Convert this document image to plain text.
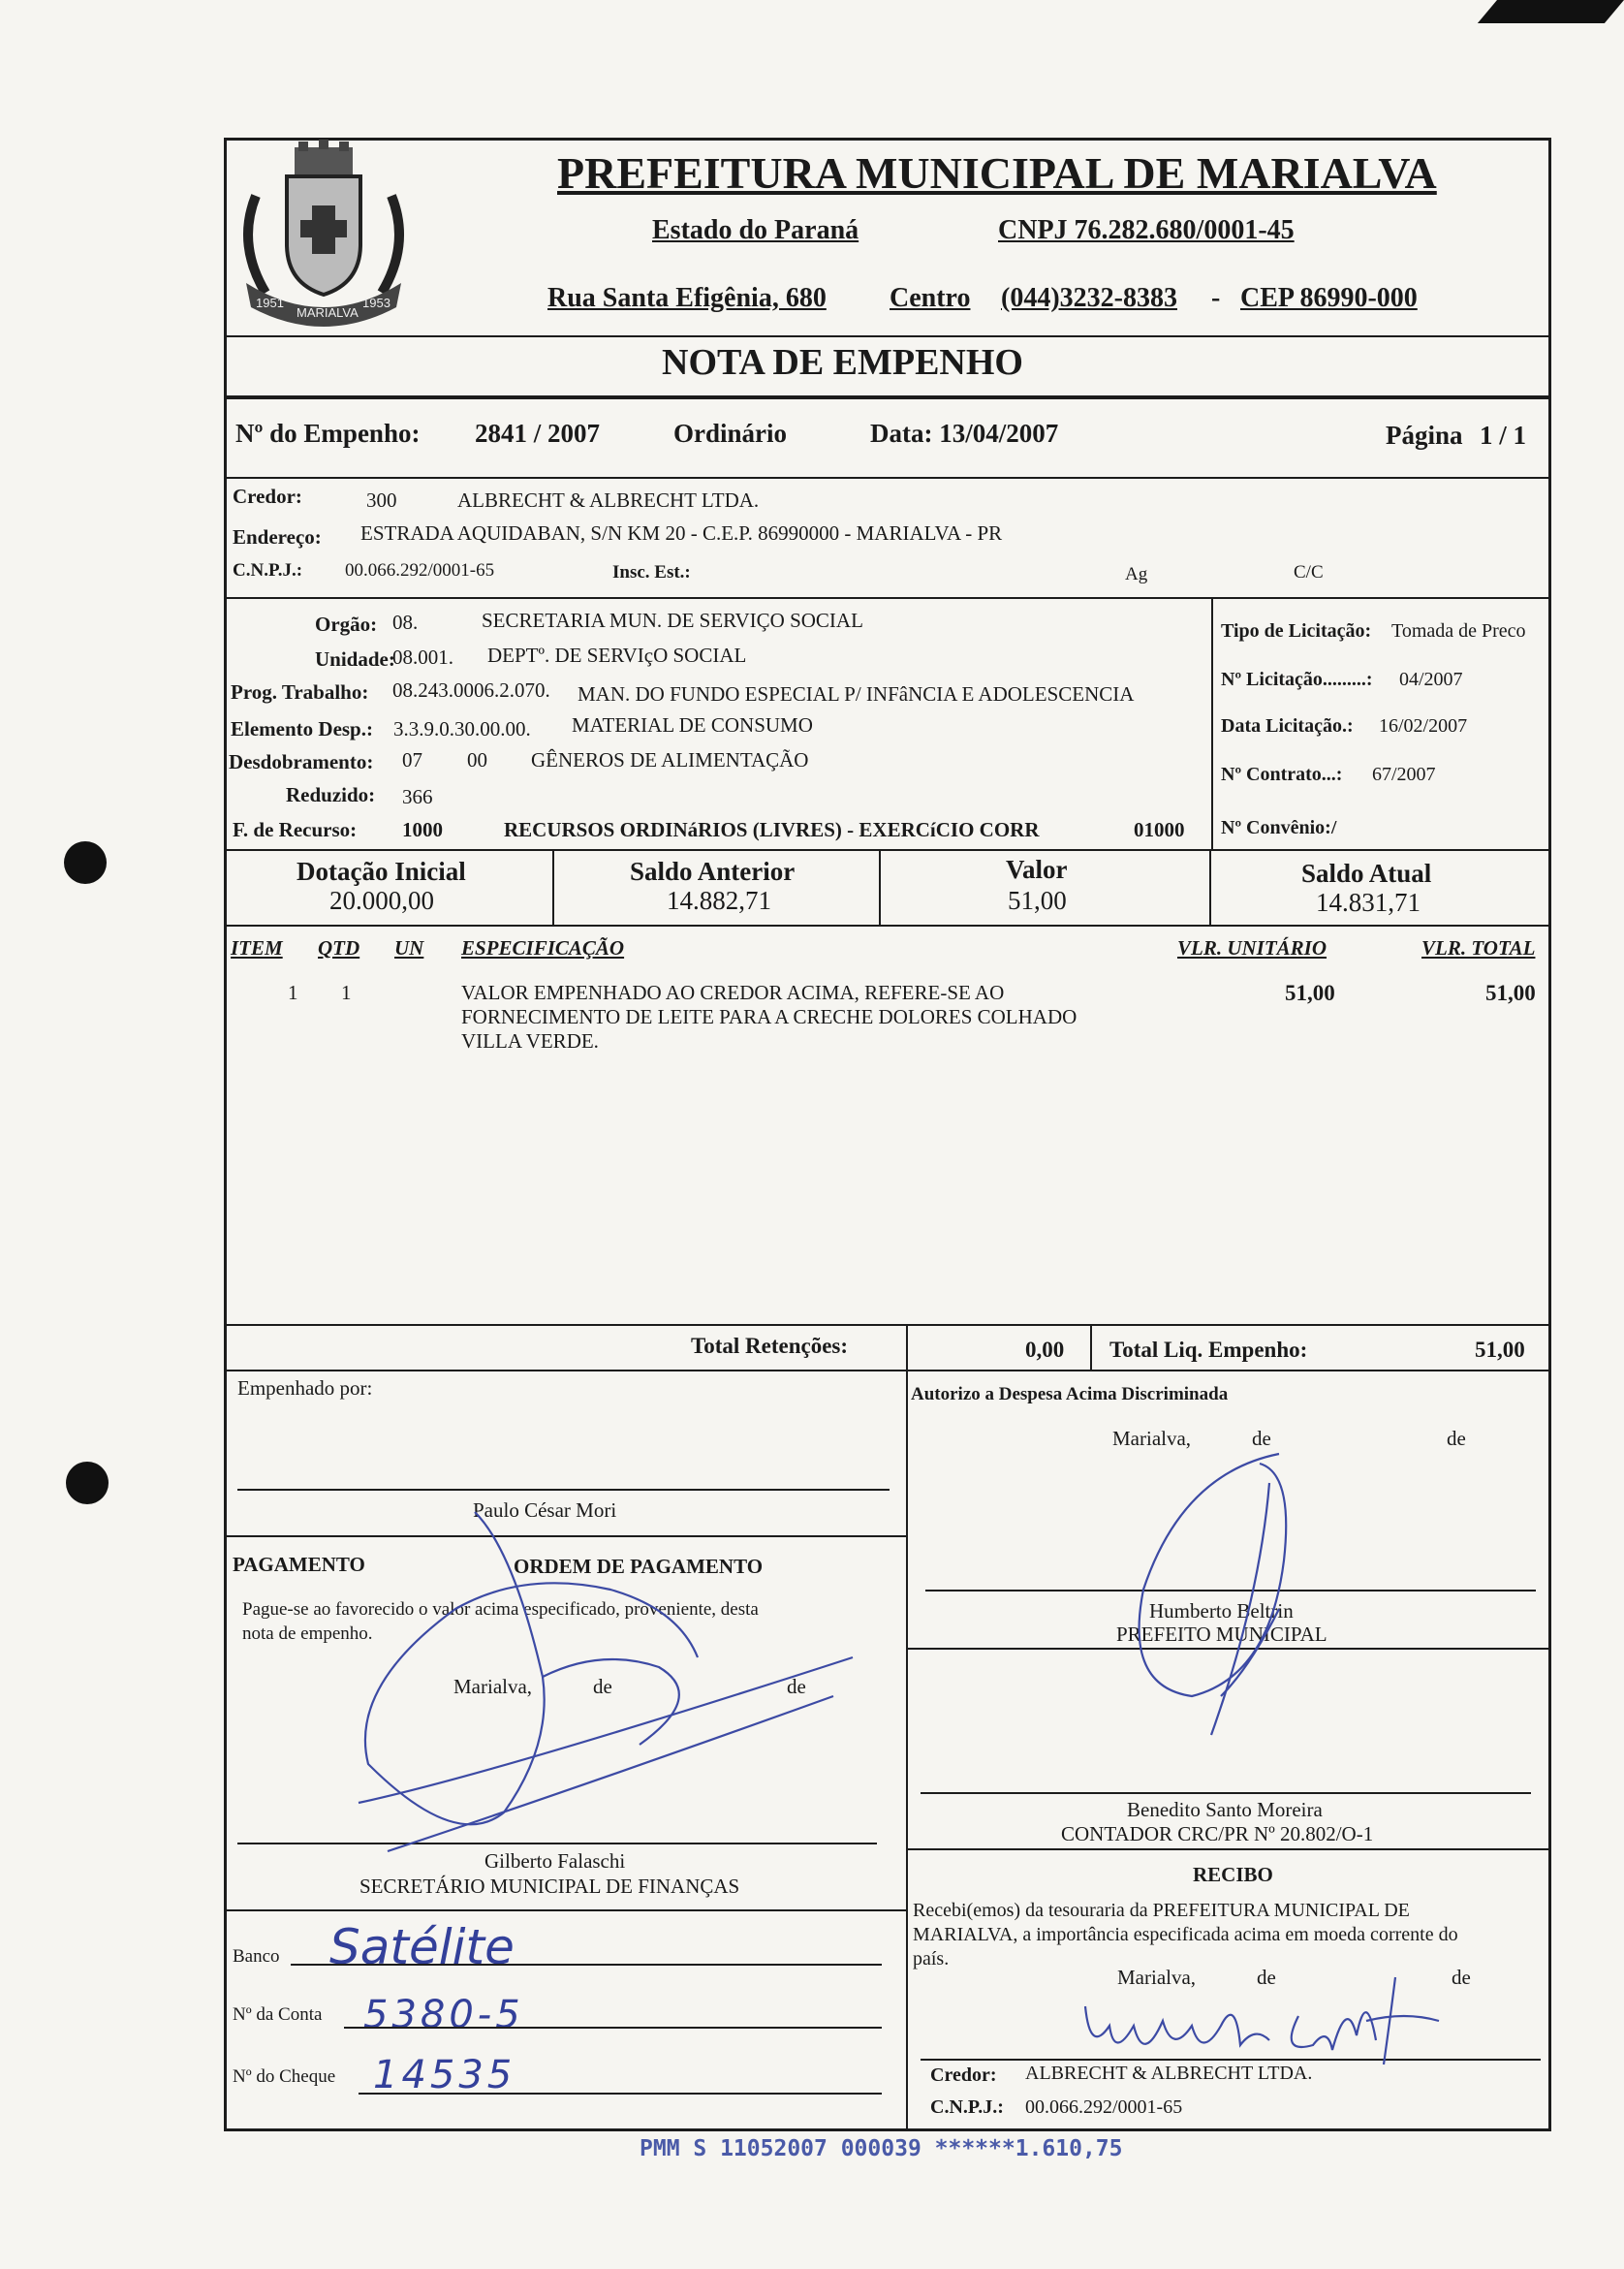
1951
MARIALVA
1953
PREFEITURA MUNICIPAL DE MARIALVA
Estado do Paraná	CNPJ 76.282.680/0001-45
Rua Santa Efigênia, 680 Centro (044)3232-8383 - CEP 86990-000
NOTA DE EMPENHO
Nº do Empenho: 2841 / 2007	Ordinário	Data: 13/04/2007	Página 1 / 1
Credor:	300	ALBRECHT & ALBRECHT LTDA.
Endereço: ESTRADA AQUIDABAN, S/N KM 20 - C.E.P. 86990000 - MARIALVA - PR
C.N.P.J.: 00.066.292/0001-65	Insc. Est.:	Ag	C/C
Orgão: 08.	SECRETARIA MUN. DE SERVIÇO SOCIAL
Unidade:
08.001. DEPTº. DE SERVIçO SOCIAL
Prog. Trabalho: 08.243.0006.2.070. MAN. DO FUNDO ESPECIAL P/ INFâNCIA E ADOLESCENCIA
Elemento Desp.: 3.3.9.0.30.00.00. MATERIAL DE CONSUMO
Desdobramento: 07 00 GÊNEROS DE ALIMENTAÇÃO
Reduzido: 366
F. de Recurso: 1000	RECURSOS ORDINáRIOS (LIVRES) - EXERCíCIO CORR	01000
Tipo de Licitação: Tomada de Preco
Nº Licitação.........: 04/2007
Data Licitação.: 16/02/2007
Nº Contrato...: 67/2007
Nº Convênio:/
Dotação Inicial
20.000,00
Saldo Anterior
14.882,71
Valor
51,00
Saldo Atual
14.831,71
ITEM QTD UN ESPECIFICAÇÃO	VLR. UNITÁRIO	VLR. TOTAL
1 1	VALOR EMPENHADO AO CREDOR ACIMA, REFERE-SE AO
FORNECIMENTO DE LEITE PARA A CRECHE DOLORES COLHADO
VILLA VERDE.
51,00	51,00
Total Retenções:	0,00 Total Liq. Empenho:	51,00
Empenhado por:
Paulo César Mori
PAGAMENTO	ORDEM DE PAGAMENTO
Pague-se ao favorecido o valor acima especificado, proveniente, desta
nota de empenho.
Marialva,	de	de
Gilberto Falaschi
SECRETÁRIO MUNICIPAL DE FINANÇAS
Banco Satélite
Nº da Conta 5380-5
Nº do Cheque 14535
Autorizo a Despesa Acima Discriminada
Marialva,	de	de
Humberto Beltrin
PREFEITO MUNICIPAL
Benedito Santo Moreira
CONTADOR CRC/PR Nº 20.802/O-1
RECIBO
Recebi(emos) da tesouraria da PREFEITURA MUNICIPAL DE
MARIALVA, a importância especificada acima em moeda corrente do
país.
Marialva,	de	de
Credor: ALBRECHT & ALBRECHT LTDA.
C.N.P.J.: 00.066.292/0001-65
PMM S 11052007 000039 ******1.610,75
